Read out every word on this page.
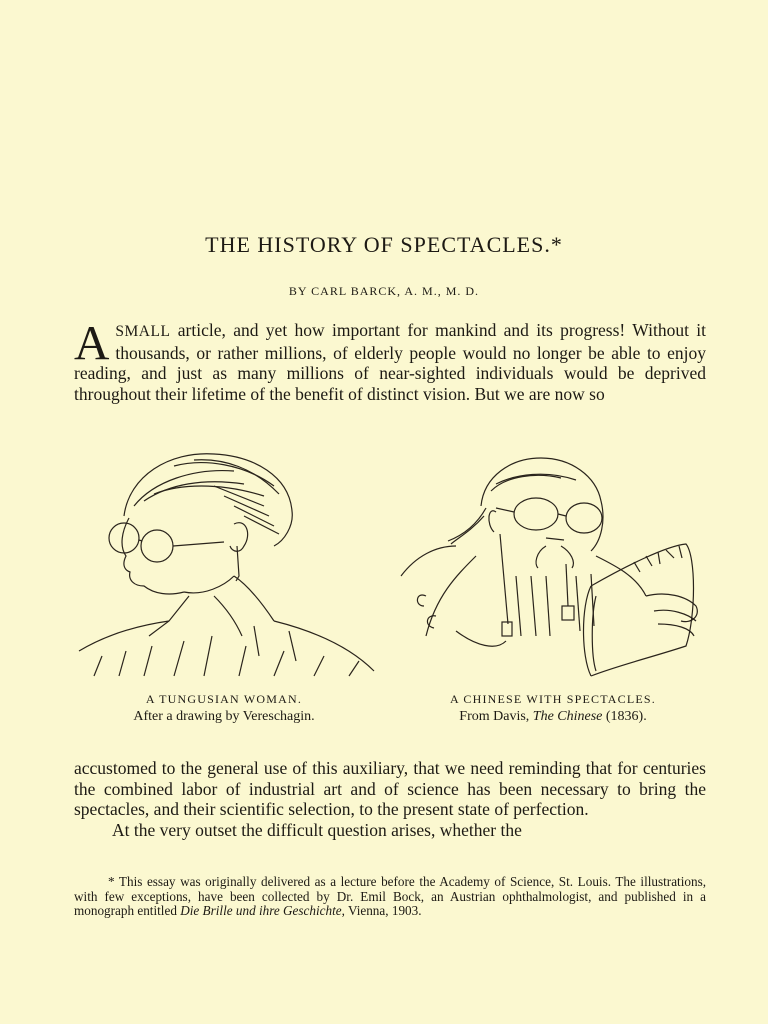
THE HISTORY OF SPECTACLES.*
BY CARL BARCK, A. M., M. D.

ASMALL article, and yet how important for mankind and its progress! Without it thousands, or rather millions, of elderly people would no longer be able to enjoy reading, and just as many millions of near-sighted individuals would be deprived throughout their lifetime of the benefit of distinct vision. But we are now so

A TUNGUSIAN WOMAN.
After a drawing by Vereschagin.
A CHINESE WITH SPECTACLES.
From Davis, The Chinese (1836).

accustomed to the general use of this auxiliary, that we need reminding that for centuries the combined labor of industrial art and of science has been necessary to bring the spectacles, and their scientific selection, to the present state of perfection.
At the very outset the difficult question arises, whether the

* This essay was originally delivered as a lecture before the Academy of Science, St. Louis. The illustrations, with few exceptions, have been collected by Dr. Emil Bock, an Austrian ophthalmologist, and published in a monograph entitled Die Brille und ihre Geschichte, Vienna, 1903.
